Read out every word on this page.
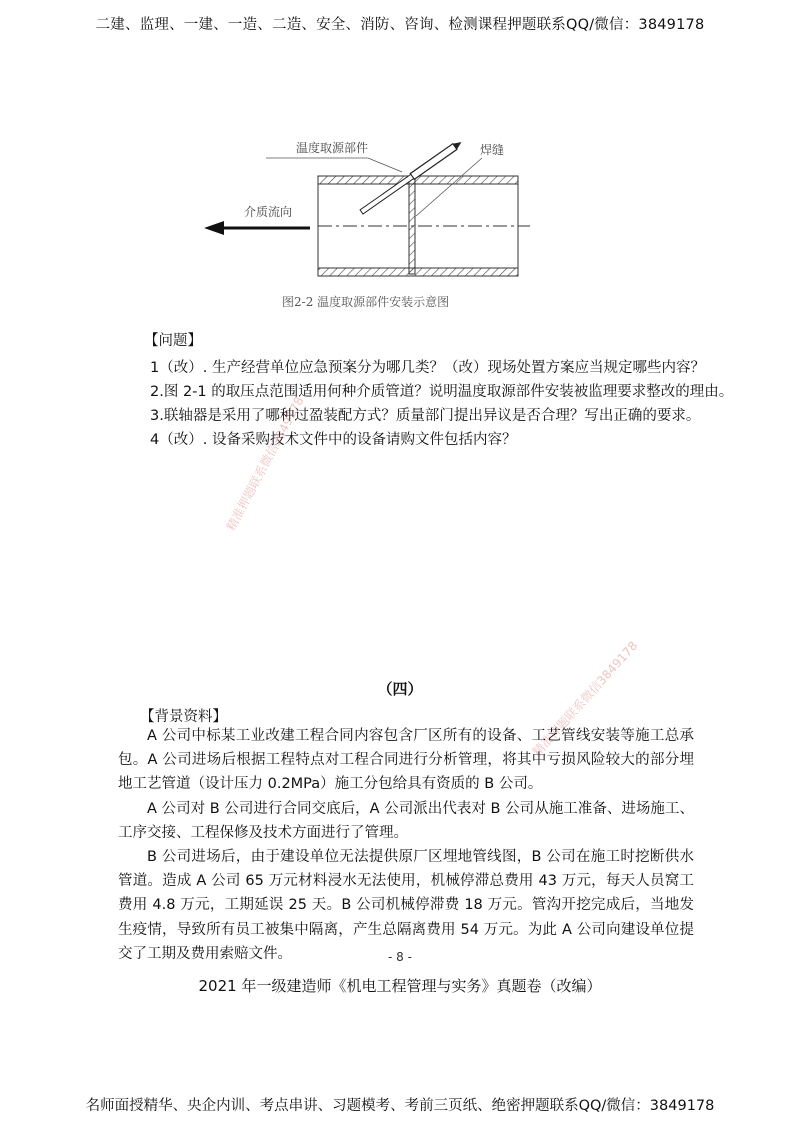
二建、监理、一建、一造、二造、安全、消防、咨询、检测课程押题联系QQ/微信：3849178
温度取源部件	焊缝
介质流向
图2-2 温度取源部件安装示意图
【问题】
1（改）. 生产经营单位应急预案分为哪几类？（改）现场处置方案应当规定哪些内容？
2.图 2-1 的取压点范围适用何种介质管道？说明温度取源部件安装被监理要求整改的理由。
3.联轴器是采用了哪种过盈装配方式？质量部门提出异议是否合理？写出正确的要求。
4（改）. 设备采购技术文件中的设备请购文件包括内容？
精准押题联系微信3849178
精准押题联系微信3849178
（四）
【背景资料】

A 公司中标某工业改建工程合同内容包含厂区所有的设备、工艺管线安装等施工总承包。A 公司进场后根据工程特点对工程合同进行分析管理，将其中亏损风险较大的部分埋地工艺管道（设计压力 0.2MPa）施工分包给具有资质的 B 公司。

A 公司对 B 公司进行合同交底后，A 公司派出代表对 B 公司从施工准备、进场施工、工序交接、工程保修及技术方面进行了管理。

B 公司进场后，由于建设单位无法提供原厂区埋地管线图，B 公司在施工时挖断供水管道。造成 A 公司 65 万元材料浸水无法使用，机械停滞总费用 43 万元，每天人员窝工费用 4.8 万元，工期延误 25 天。B 公司机械停滞费 18 万元。管沟开挖完成后，当地发生疫情，导致所有员工被集中隔离，产生总隔离费用 54 万元。为此 A 公司向建设单位提交了工期及费用索赔文件。	- 8 -
2021 年一级建造师《机电工程管理与实务》真题卷（改编）
名师面授精华、央企内训、考点串讲、习题模考、考前三页纸、绝密押题联系QQ/微信：3849178
